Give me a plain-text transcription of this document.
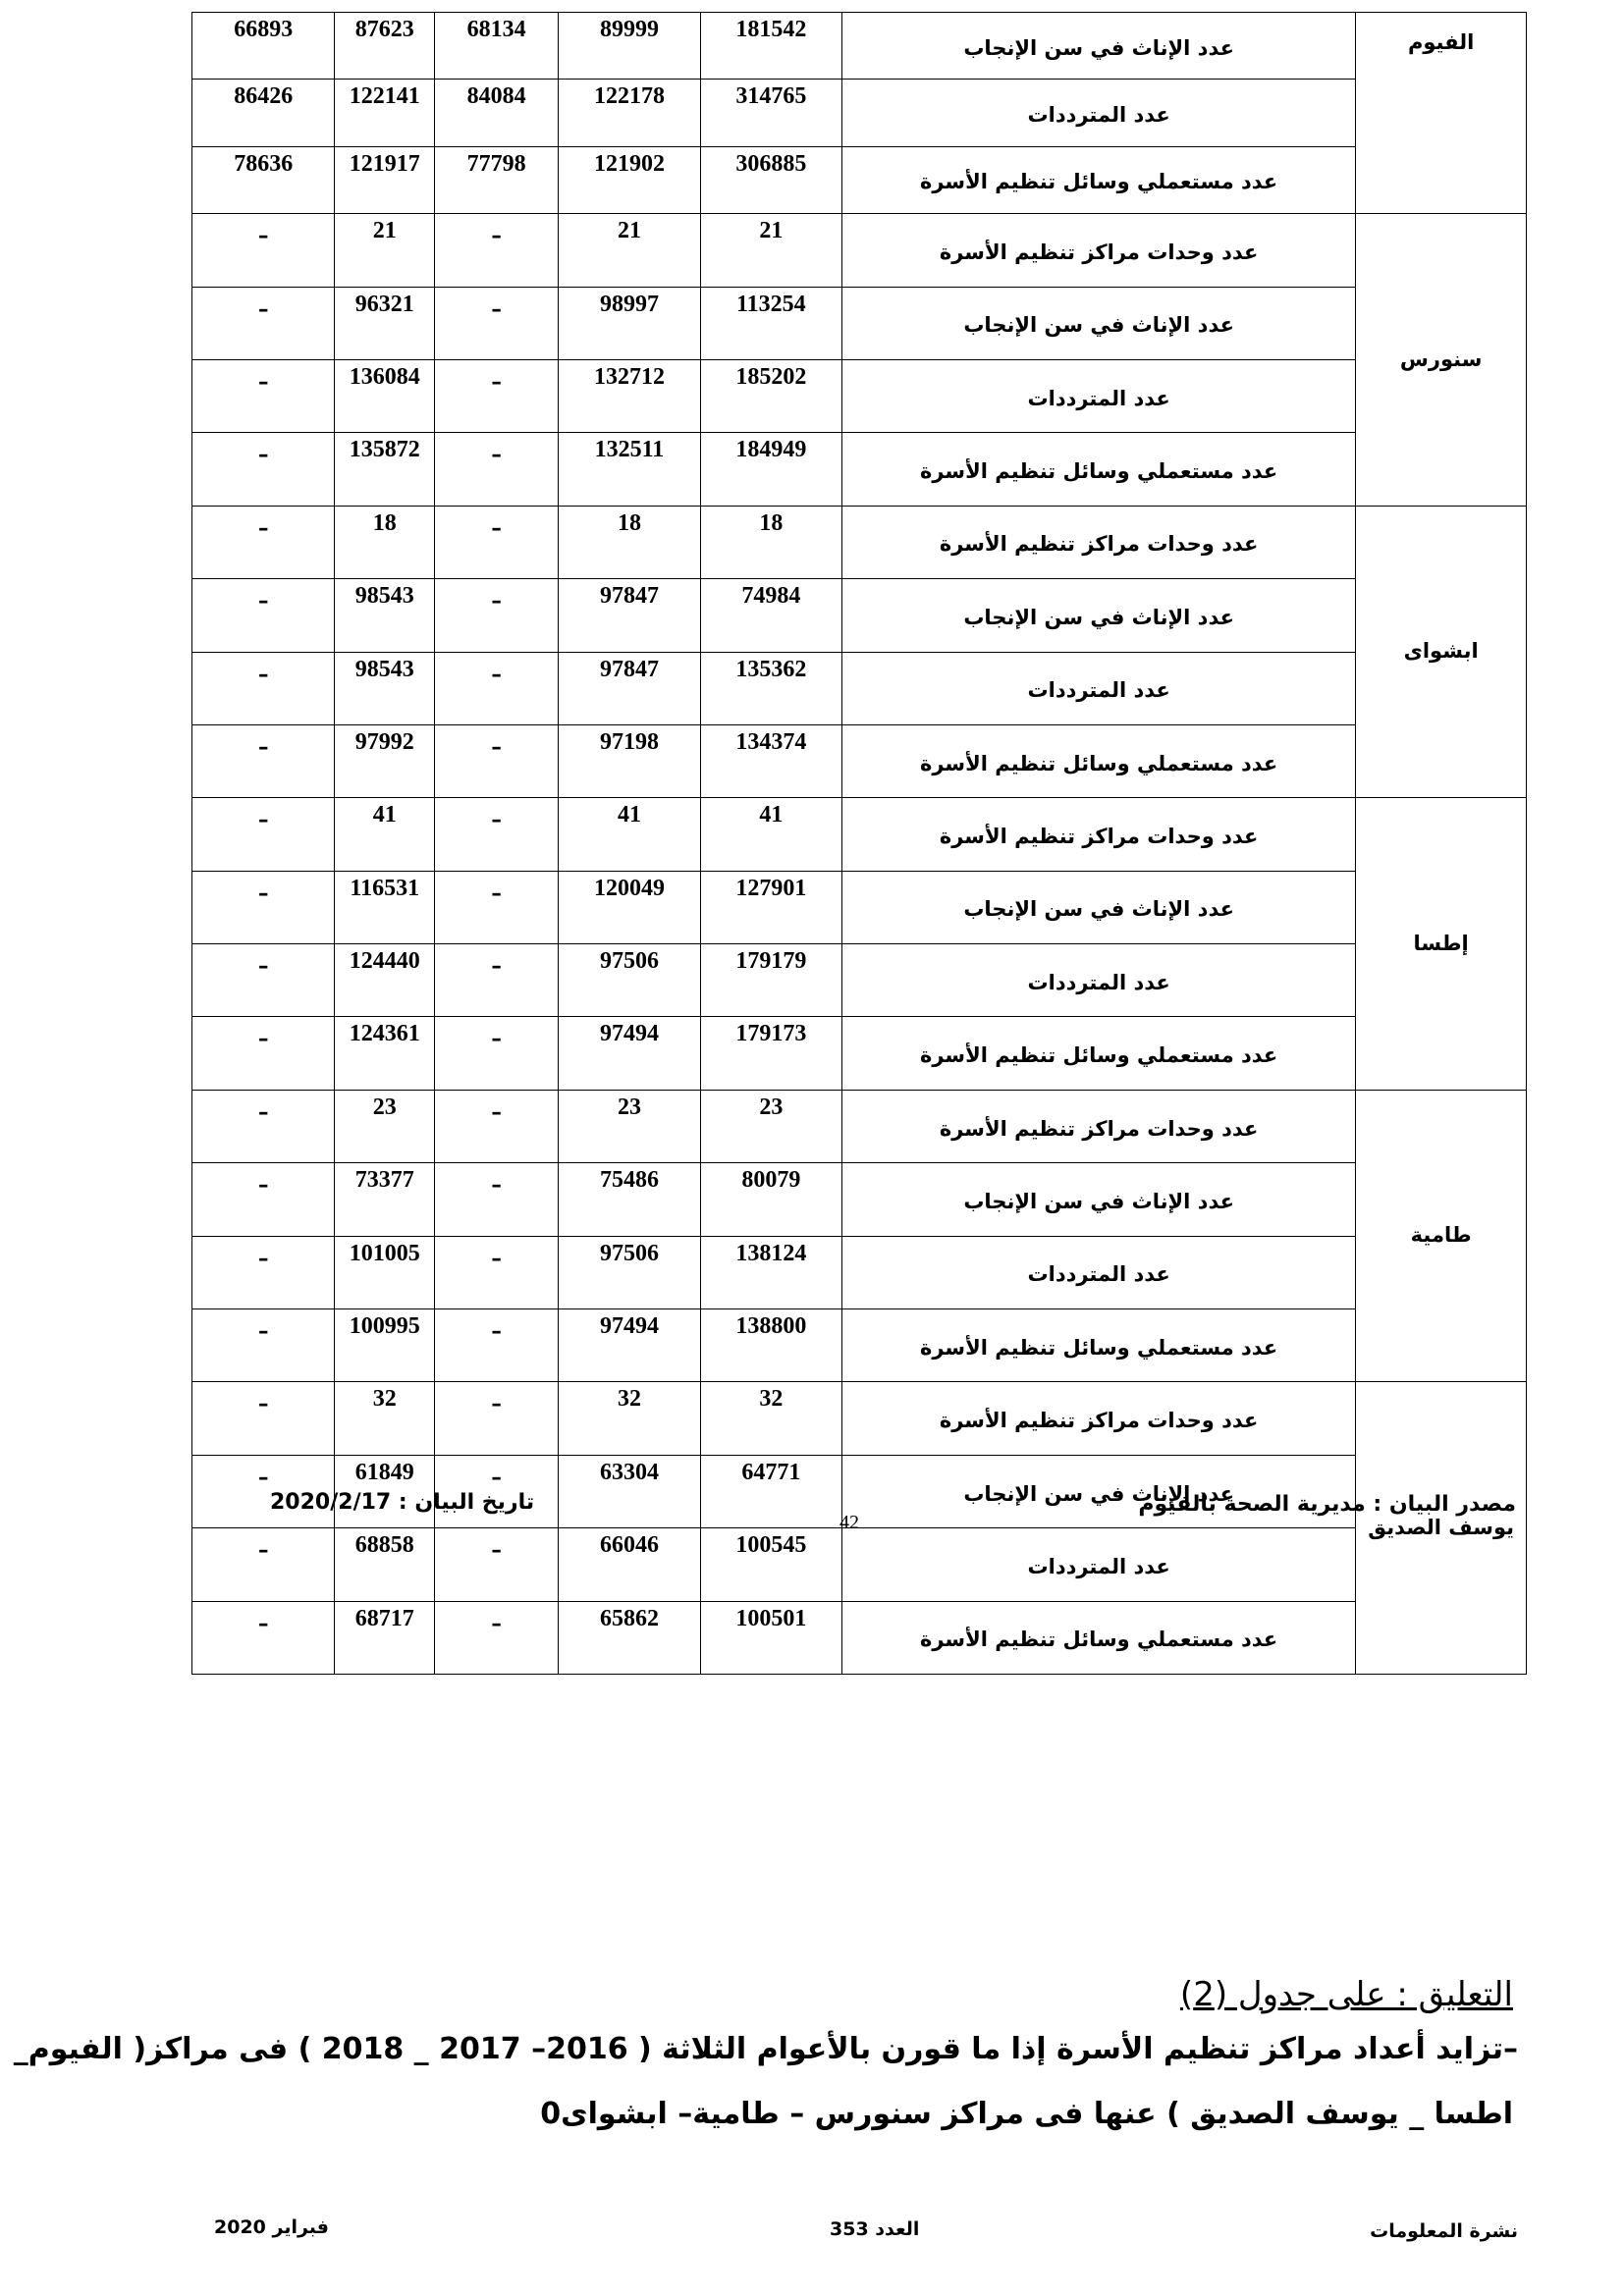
66893	87623	68134	89999	181542	عدد الإناث في سن الإنجاب	الفيوم
86426	122141	84084	122178	314765	عدد المترددات	
78636	121917	77798	121902	306885	عدد مستعملي وسائل تنظيم الأسرة	
–	21	–	21	21	عدد وحدات مراكز تنظيم الأسرة	سنورس
–	96321	–	98997	113254	عدد الإناث في سن الإنجاب	
–	136084	–	132712	185202	عدد المترددات	
–	135872	–	132511	184949	عدد مستعملي وسائل تنظيم الأسرة	
–	18	–	18	18	عدد وحدات مراكز تنظيم الأسرة	ابشواى
–	98543	–	97847	74984	عدد الإناث في سن الإنجاب	
–	98543	–	97847	135362	عدد المترددات	
–	97992	–	97198	134374	عدد مستعملي وسائل تنظيم الأسرة	
–	41	–	41	41	عدد وحدات مراكز تنظيم الأسرة	إطسا
–	116531	–	120049	127901	عدد الإناث في سن الإنجاب	
–	124440	–	97506	179179	عدد المترددات	
–	124361	–	97494	179173	عدد مستعملي وسائل تنظيم الأسرة	
–	23	–	23	23	عدد وحدات مراكز تنظيم الأسرة	طامية
–	73377	–	75486	80079	عدد الإناث في سن الإنجاب	
–	101005	–	97506	138124	عدد المترددات	
–	100995	–	97494	138800	عدد مستعملي وسائل تنظيم الأسرة	
–	32	–	32	32	عدد وحدات مراكز تنظيم الأسرة	يوسف الصديق
–	61849	–	63304	64771	عدد الإناث في سن الإنجاب	
–	68858	–	66046	100545	عدد المترددات	
–	68717	–	65862	100501	عدد مستعملي وسائل تنظيم الأسرة	
مصدر البيان : مديرية الصحة بالفيوم
تاريخ البيان : 2020/2/17
42
التعليق : على جدول (2)
–تزايد أعداد مراكز تنظيم الأسرة إذا ما قورن بالأعوام الثلاثة ( 2016– 2017 _ 2018 ) فى مراكز( الفيوم_
اطسا _ يوسف الصديق ) عنها فى مراكز سنورس – طامية– ابشواى0
نشرة المعلومات
العدد 353
فبراير 2020
